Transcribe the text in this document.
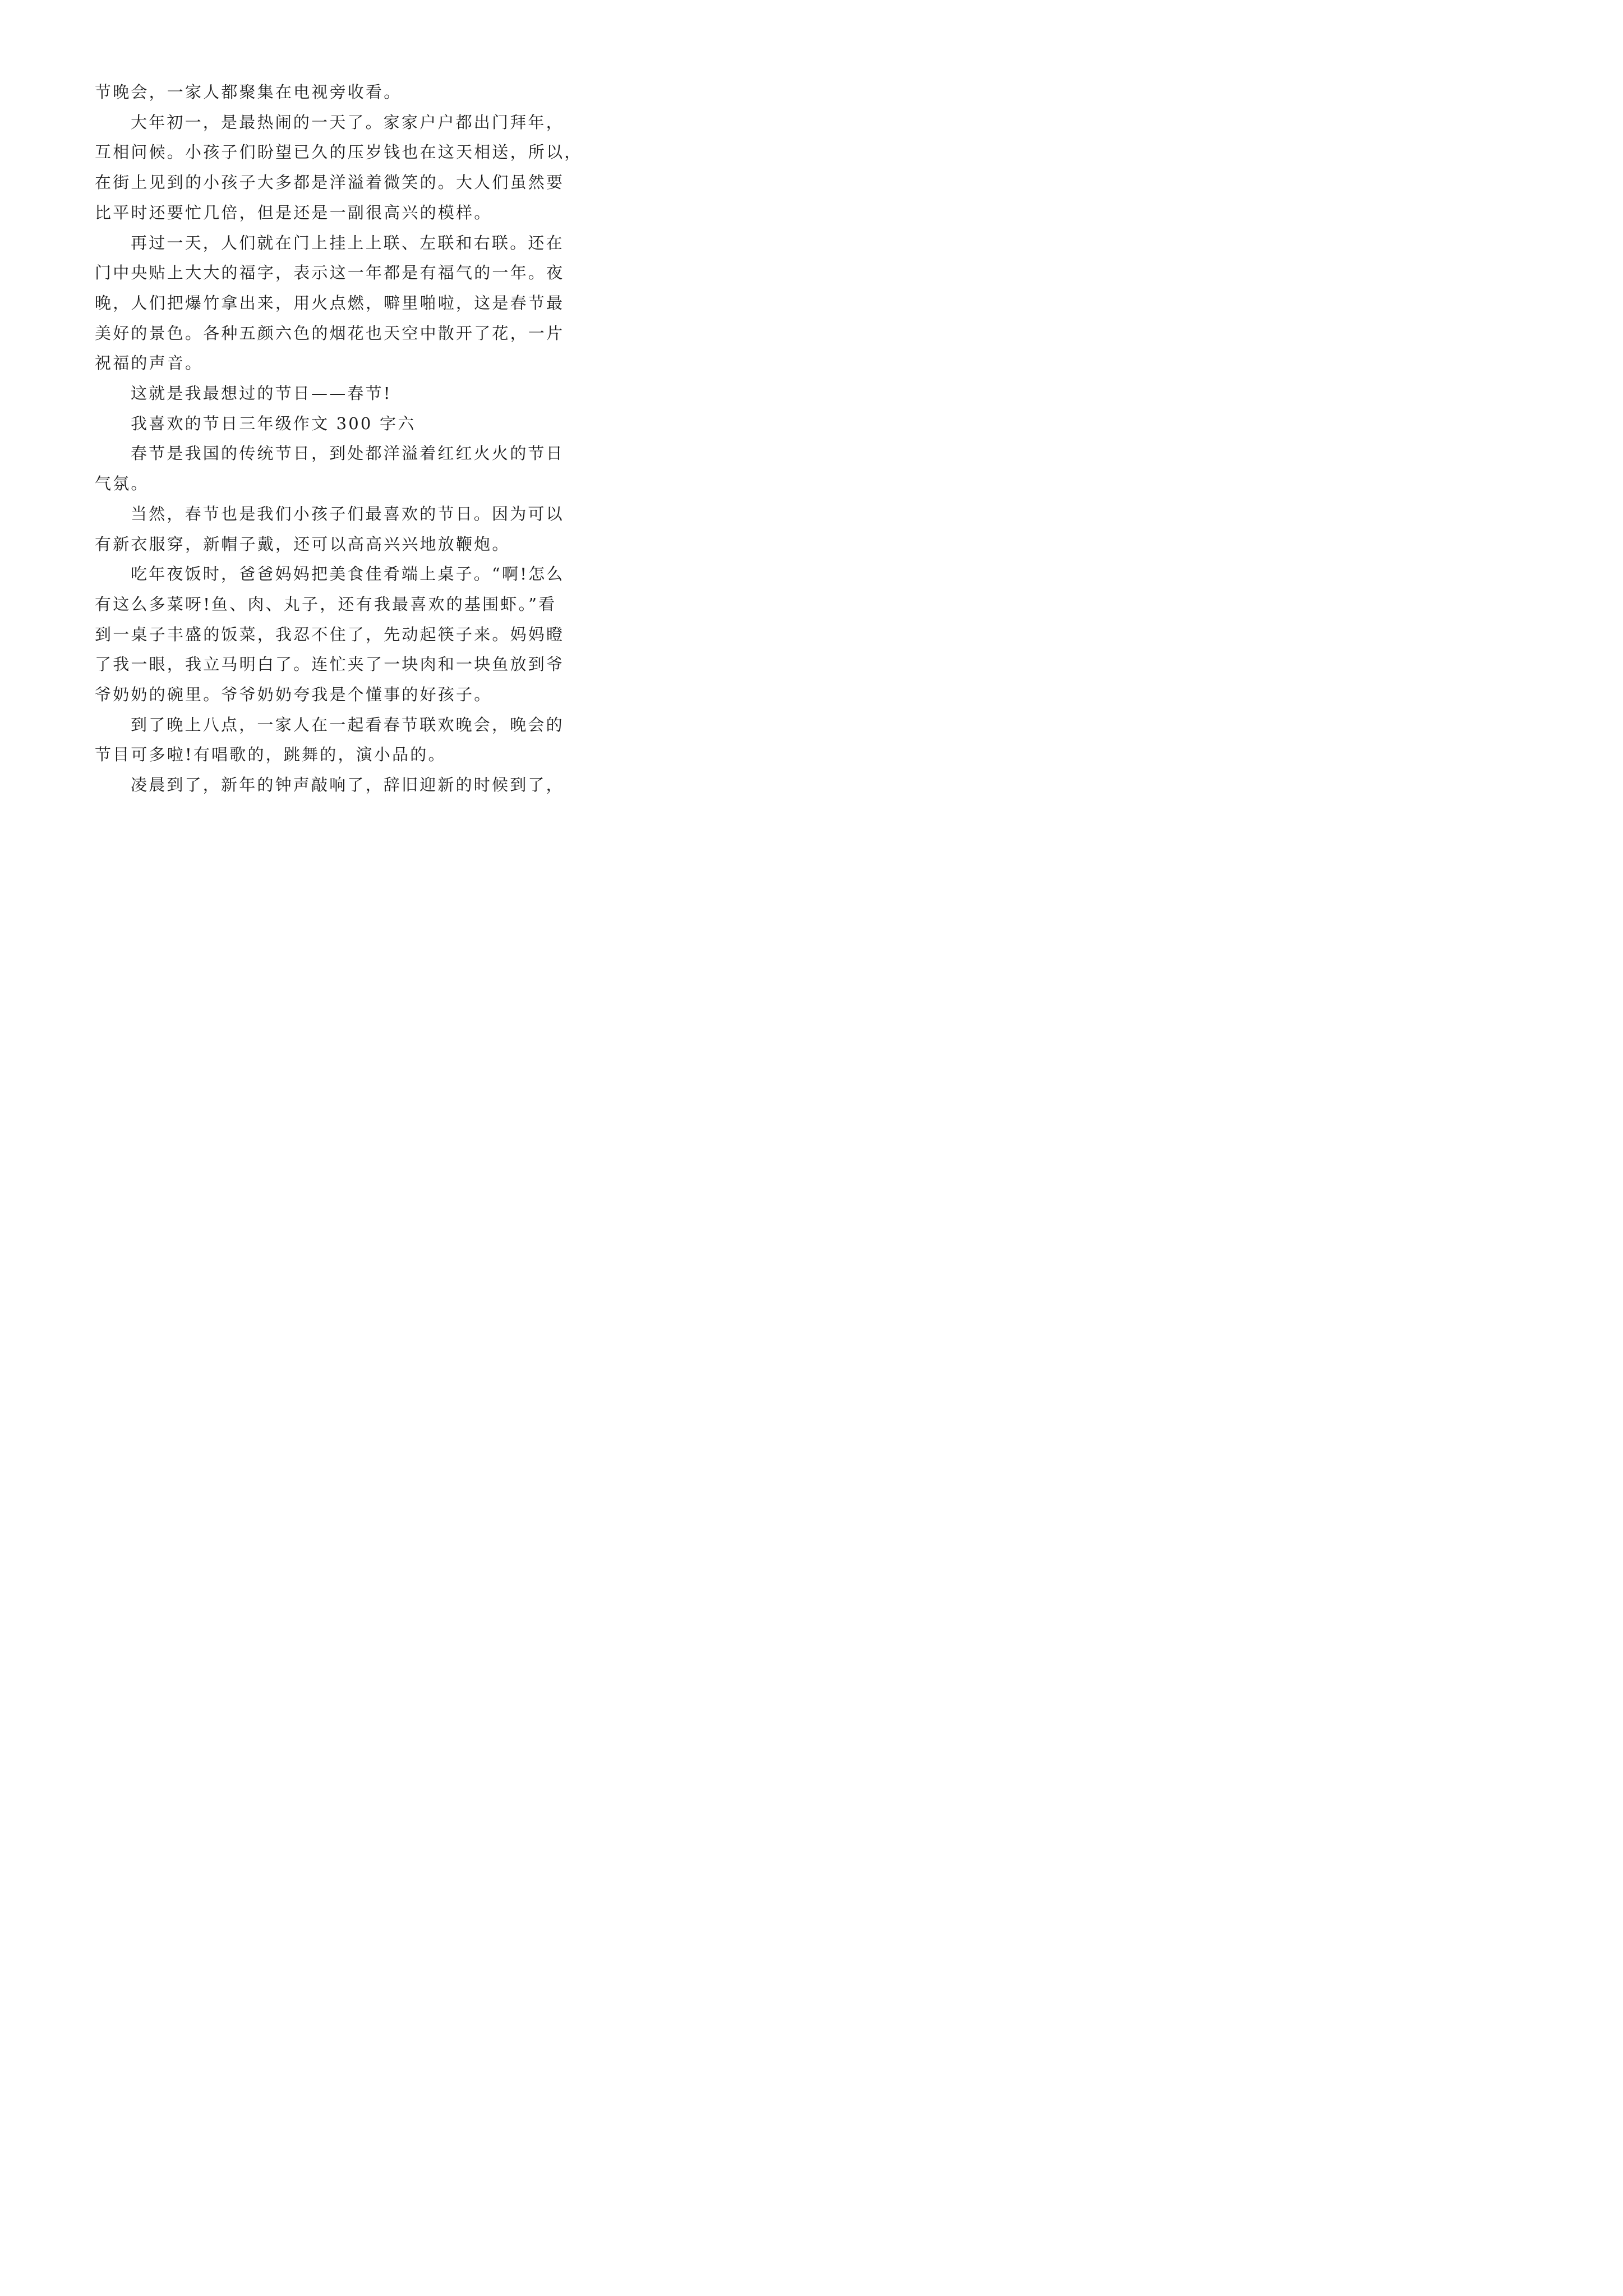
节晚会，一家人都聚集在电视旁收看。

大年初一，是最热闹的一天了。家家户户都出门拜年，
互相问候。小孩子们盼望已久的压岁钱也在这天相送，所以，
在街上见到的小孩子大多都是洋溢着微笑的。大人们虽然要
比平时还要忙几倍，但是还是一副很高兴的模样。

再过一天，人们就在门上挂上上联、左联和右联。还在
门中央贴上大大的福字，表示这一年都是有福气的一年。夜
晚，人们把爆竹拿出来，用火点燃，噼里啪啦，这是春节最
美好的景色。各种五颜六色的烟花也天空中散开了花，一片
祝福的声音。

这就是我最想过的节日——春节!

我喜欢的节日三年级作文 300 字六

春节是我国的传统节日，到处都洋溢着红红火火的节日
气氛。

当然，春节也是我们小孩子们最喜欢的节日。因为可以
有新衣服穿，新帽子戴，还可以高高兴兴地放鞭炮。

吃年夜饭时，爸爸妈妈把美食佳肴端上桌子。“啊!怎么
有这么多菜呀!鱼、肉、丸子，还有我最喜欢的基围虾。”看
到一桌子丰盛的饭菜，我忍不住了，先动起筷子来。妈妈瞪
了我一眼，我立马明白了。连忙夹了一块肉和一块鱼放到爷
爷奶奶的碗里。爷爷奶奶夸我是个懂事的好孩子。

到了晚上八点，一家人在一起看春节联欢晚会，晚会的
节目可多啦!有唱歌的，跳舞的，演小品的。

凌晨到了，新年的钟声敲响了，辞旧迎新的时候到了，
